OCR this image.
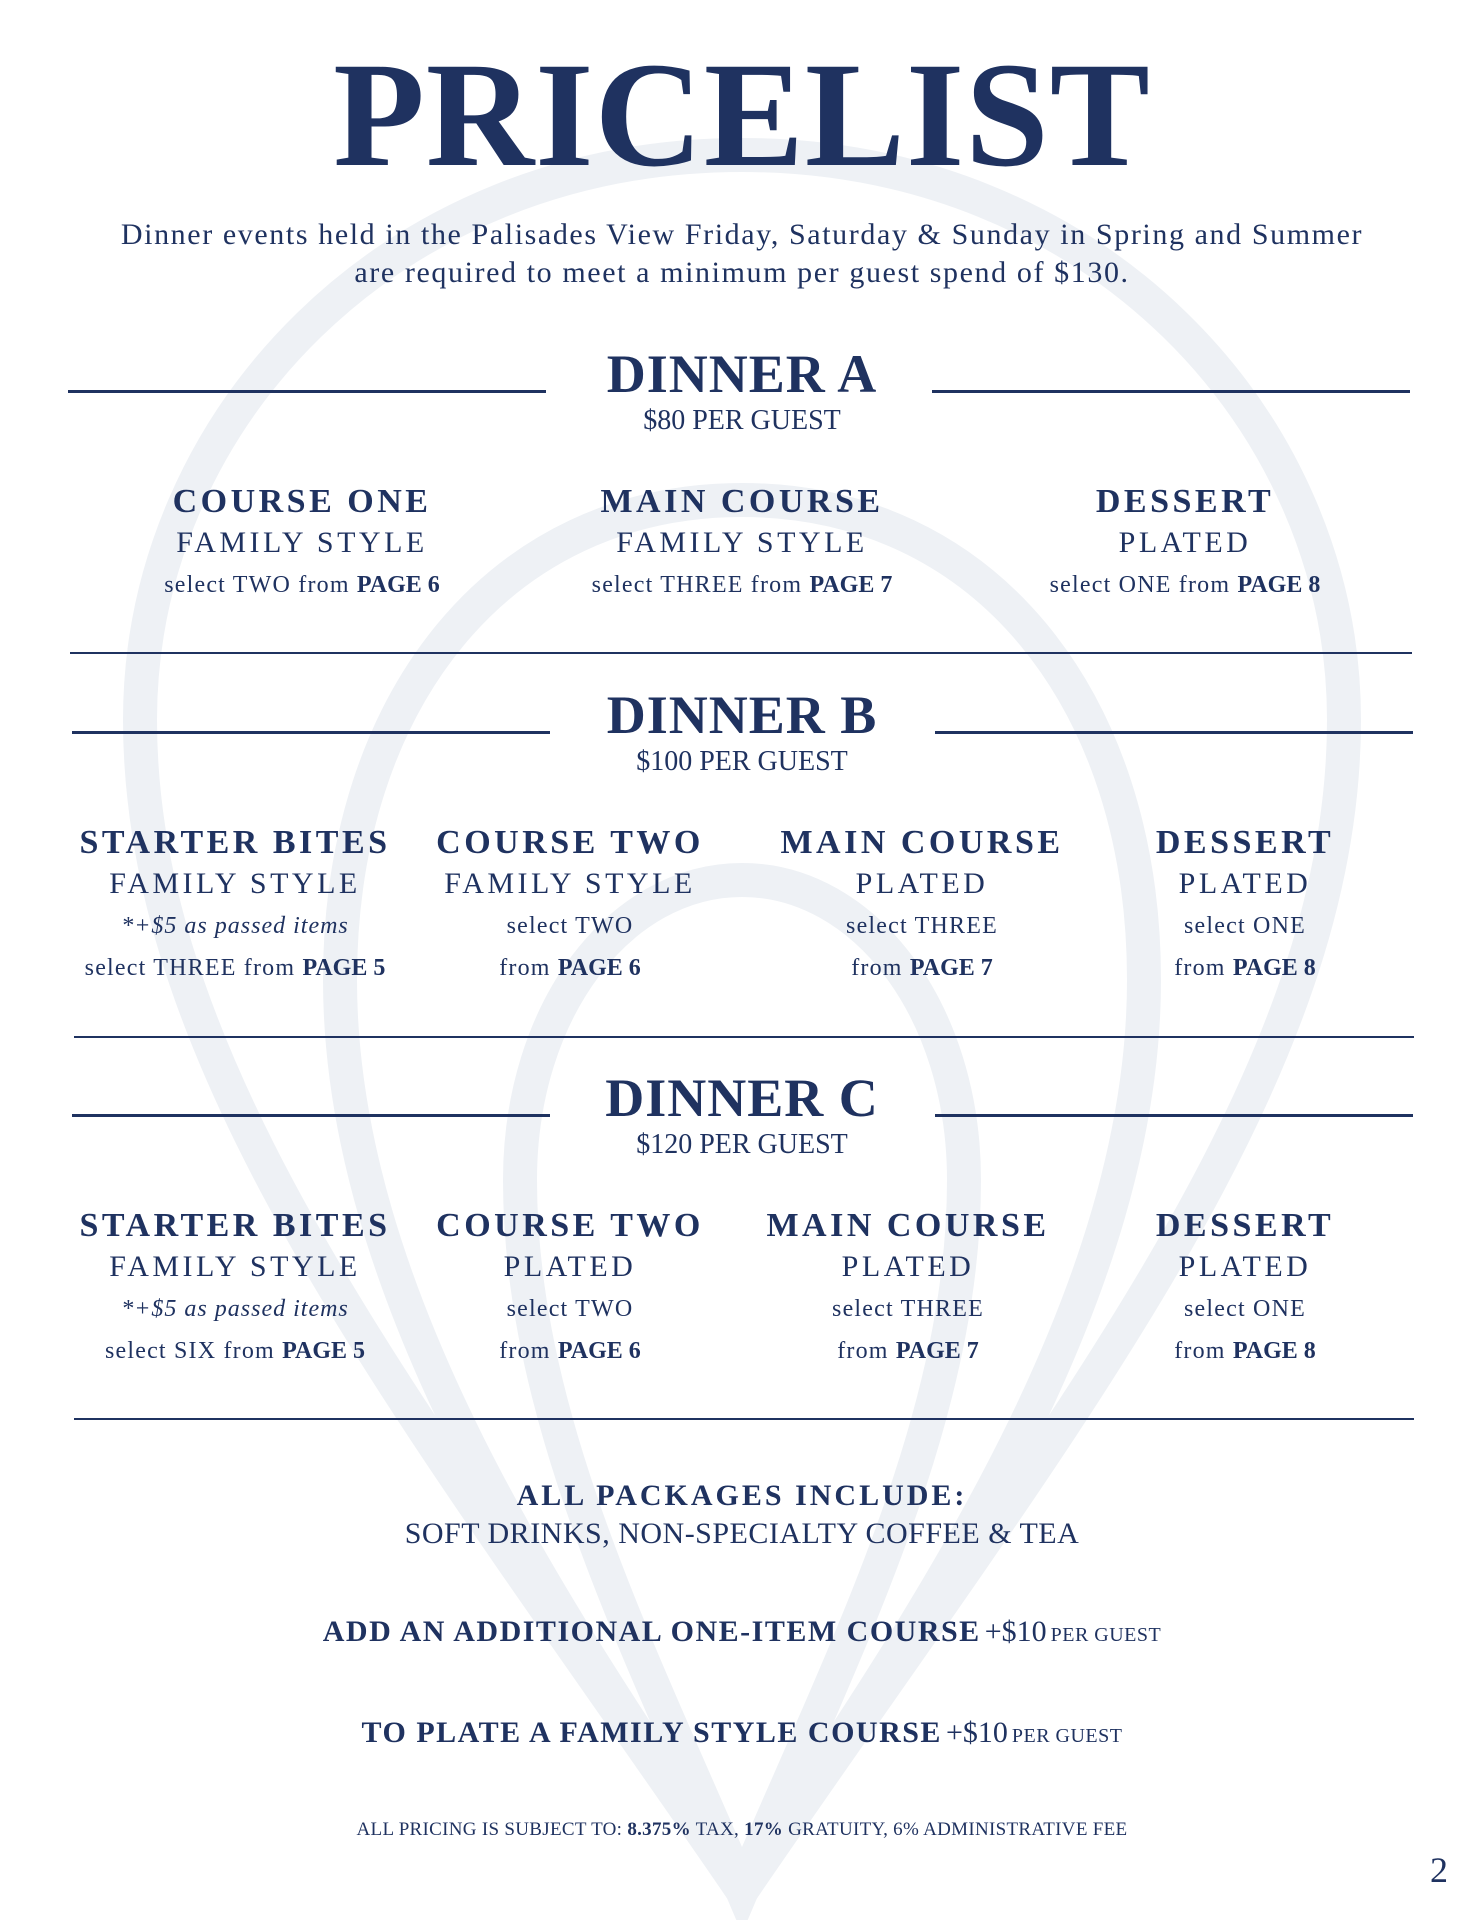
PRICELIST
Dinner events held in the Palisades View Friday, Saturday & Sunday in Spring and Summer
are required to meet a minimum per guest spend of $130.
DINNER A
$80 PER GUEST
COURSE ONE
FAMILY STYLE
select TWO from PAGE 6
MAIN COURSE
FAMILY STYLE
select THREE from PAGE 7
DESSERT
PLATED
select ONE from PAGE 8
DINNER B
$100 PER GUEST
STARTER BITES
FAMILY STYLE
*+$5 as passed items
select THREE from PAGE 5
COURSE TWO
FAMILY STYLE
select TWO
from PAGE 6
MAIN COURSE
PLATED
select THREE
from PAGE 7
DESSERT
PLATED
select ONE
from PAGE 8
DINNER C
$120 PER GUEST
STARTER BITES
FAMILY STYLE
*+$5 as passed items
select SIX from PAGE 5
COURSE TWO
PLATED
select TWO
from PAGE 6
MAIN COURSE
PLATED
select THREE
from PAGE 7
DESSERT
PLATED
select ONE
from PAGE 8
ALL PACKAGES INCLUDE:
SOFT DRINKS, NON-SPECIALTY COFFEE & TEA
ADD AN ADDITIONAL ONE-ITEM COURSE +$10 PER GUEST
TO PLATE A FAMILY STYLE COURSE +$10 PER GUEST
ALL PRICING IS SUBJECT TO: 8.375% TAX, 17% GRATUITY, 6% ADMINISTRATIVE FEE
2
